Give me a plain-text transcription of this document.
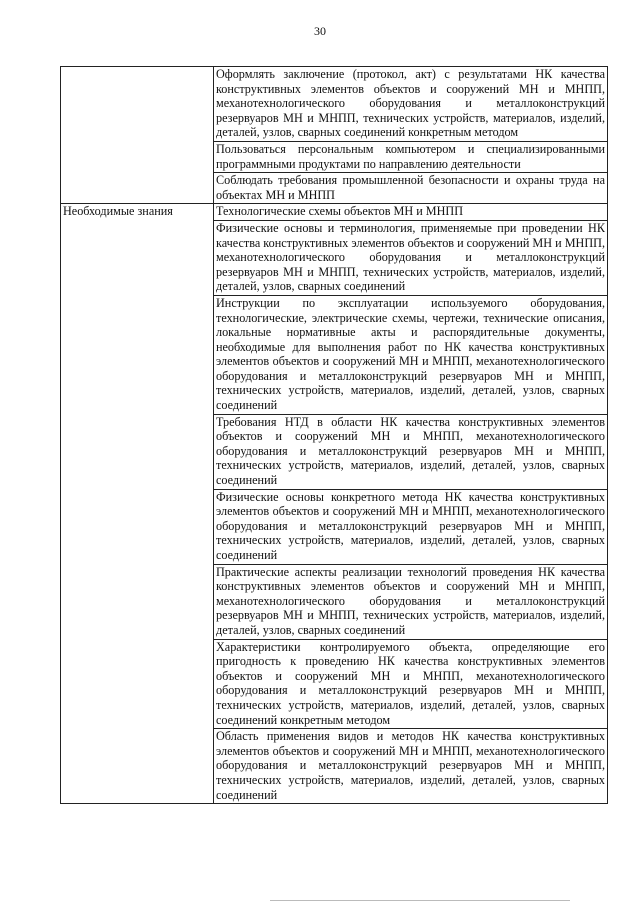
30
	Оформлять заключение (протокол, акт) с результатами НК качества конструктивных элементов объектов и сооружений МН и МНПП, механотехнологического оборудования и металлоконструкций резервуаров МН и МНПП, технических устройств, материалов, изделий, деталей, узлов, сварных соединений конкретным методом
	Пользоваться персональным компьютером и специализированными программными продуктами по направлению деятельности
	Соблюдать требования промышленной безопасности и охраны труда на объектах МН и МНПП
Необходимые знания	Технологические схемы объектов МН и МНПП
	Физические основы и терминология, применяемые при проведении НК качества конструктивных элементов объектов и сооружений МН и МНПП, механотехнологического оборудования и металлоконструкций резервуаров МН и МНПП, технических устройств, материалов, изделий, деталей, узлов, сварных соединений
	Инструкции по эксплуатации используемого оборудования, технологические, электрические схемы, чертежи, технические описания, локальные нормативные акты и распорядительные документы, необходимые для выполнения работ по НК качества конструктивных элементов объектов и сооружений МН и МНПП, механотехнологического оборудования и металлоконструкций резервуаров МН и МНПП, технических устройств, материалов, изделий, деталей, узлов, сварных соединений
	Требования НТД в области НК качества конструктивных элементов объектов и сооружений МН и МНПП, механотехнологического оборудования и металлоконструкций резервуаров МН и МНПП, технических устройств, материалов, изделий, деталей, узлов, сварных соединений
	Физические основы конкретного метода НК качества конструктивных элементов объектов и сооружений МН и МНПП, механотехнологического оборудования и металлоконструкций резервуаров МН и МНПП, технических устройств, материалов, изделий, деталей, узлов, сварных соединений
	Практические аспекты реализации технологий проведения НК качества конструктивных элементов объектов и сооружений МН и МНПП, механотехнологического оборудования и металлоконструкций резервуаров МН и МНПП, технических устройств, материалов, изделий, деталей, узлов, сварных соединений
	Характеристики контролируемого объекта, определяющие его пригодность к проведению НК качества конструктивных элементов объектов и сооружений МН и МНПП, механотехнологического оборудования и металлоконструкций резервуаров МН и МНПП, технических устройств, материалов, изделий, деталей, узлов, сварных соединений конкретным методом
	Область применения видов и методов НК качества конструктивных элементов объектов и сооружений МН и МНПП, механотехнологического оборудования и металлоконструкций резервуаров МН и МНПП, технических устройств, материалов, изделий, деталей, узлов, сварных соединений
